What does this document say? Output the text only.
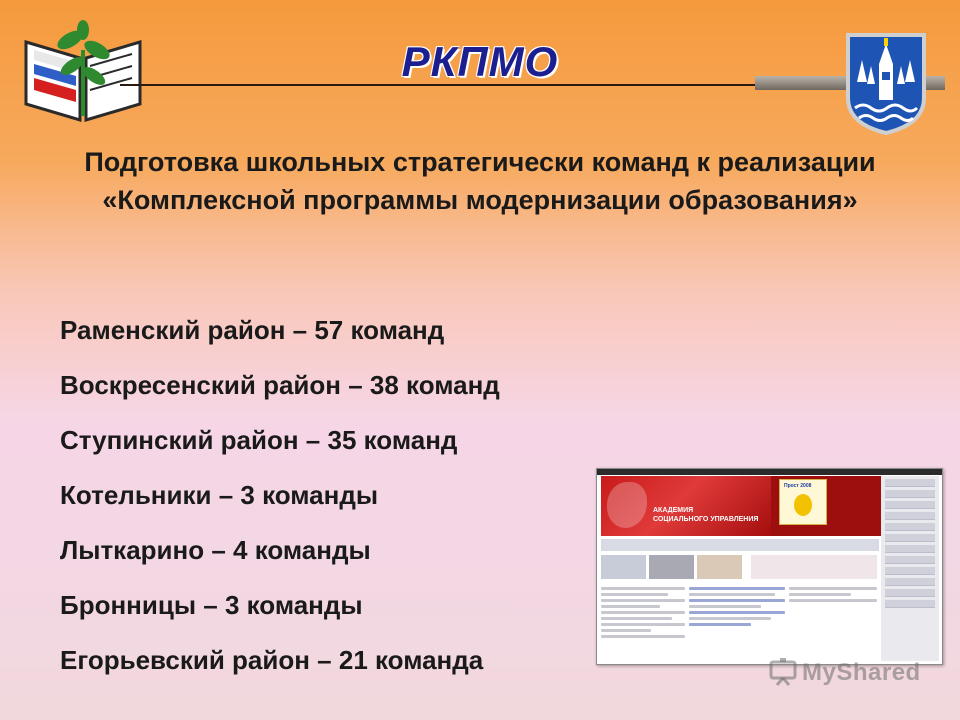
РКПМО
Подготовка школьных стратегически команд к реализации «Комплексной программы модернизации образования»
Раменский район – 57 команд
Воскресенский район – 38 команд
Ступинский район – 35 команд
Котельники – 3 команды
Лыткарино – 4 команды
Бронницы – 3 команды
Егорьевский район – 21 команда
АКАДЕМИЯ
СОЦИАЛЬНОГО УПРАВЛЕНИЯ
Прост 2008
MyShared
